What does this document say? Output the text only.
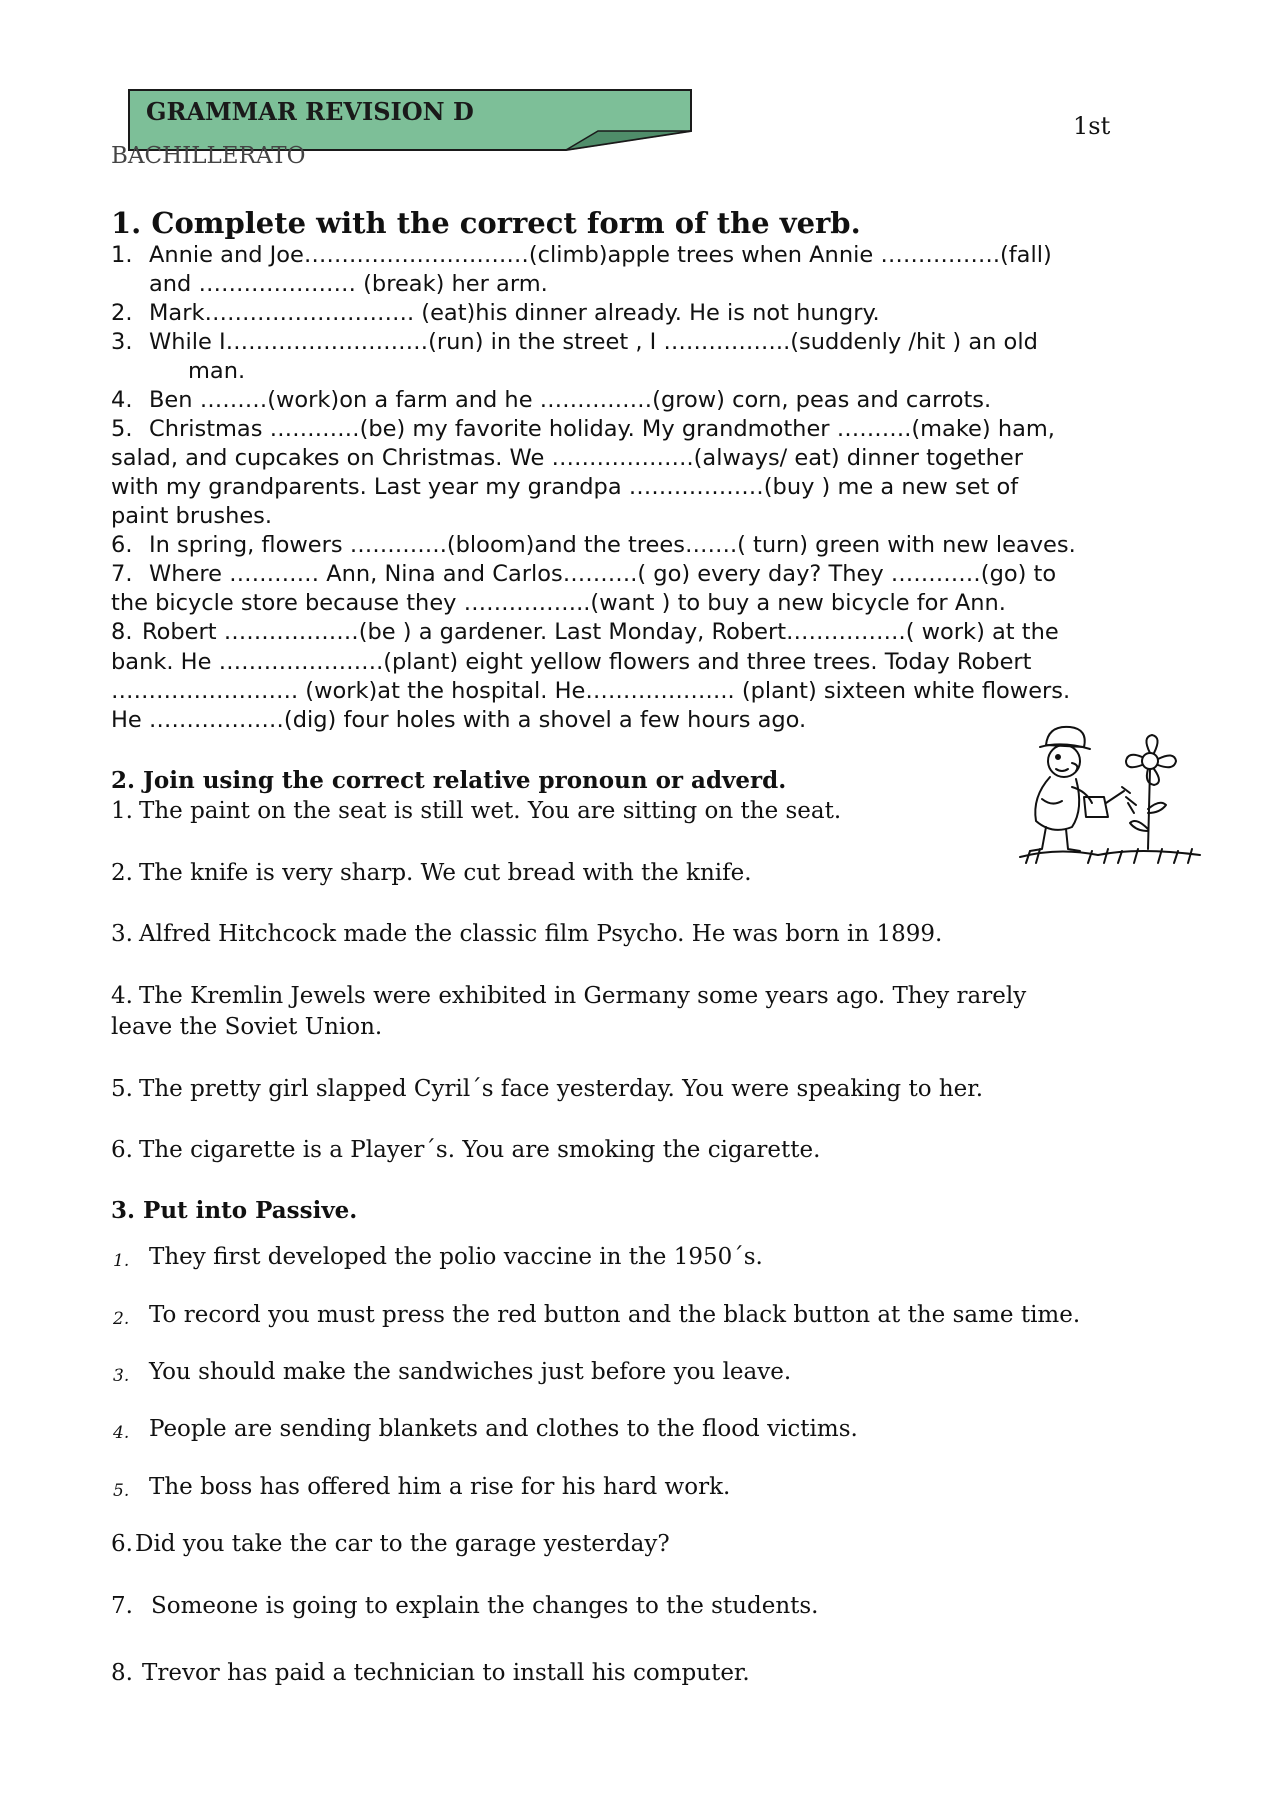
GRAMMAR REVISION D	1st
BACHILLERATO
1. Complete with the correct form of the verb.
1. Annie and Joe…………………………(climb)apple trees when Annie …………….(fall)
and ………………… (break) her arm.
2. Mark………………………. (eat)his dinner already. He is not hungry.
3. While I………………………(run) in the street , I ……………..(suddenly /hit ) an old
man.
4. Ben ………(work)on a farm and he ……………(grow) corn, peas and carrots.
5. Christmas …………(be) my favorite holiday. My grandmother ……….(make) ham,
salad, and cupcakes on Christmas. We ……………….(always/ eat) dinner together
with my grandparents. Last year my grandpa ………………(buy ) me a new set of
paint brushes.
6. In spring, flowers ………….(bloom)and the trees…….( turn) green with new leaves.
7. Where ………… Ann, Nina and Carlos……….( go) every day? They …………(go) to
the bicycle store because they ……………..(want ) to buy a new bicycle for Ann.
8. Robert ………………(be ) a gardener. Last Monday, Robert…………….( work) at the
bank. He ………………….(plant) eight yellow flowers and three trees. Today Robert
……………………. (work)at the hospital. He……………….. (plant) sixteen white flowers.
He ………………(dig) four holes with a shovel a few hours ago.
2. Join using the correct relative pronoun or adverd.
1. The paint on the seat is still wet. You are sitting on the seat.
2. The knife is very sharp. We cut bread with the knife.
3. Alfred Hitchcock made the classic film Psycho. He was born in 1899.
4. The Kremlin Jewels were exhibited in Germany some years ago. They rarely
leave the Soviet Union.
5. The pretty girl slapped Cyril´s face yesterday. You were speaking to her.
6. The cigarette is a Player´s. You are smoking the cigarette.
3. Put into Passive.
1. They first developed the polio vaccine in the 1950´s.
2. To record you must press the red button and the black button at the same time.
3. You should make the sandwiches just before you leave.
4. People are sending blankets and clothes to the flood victims.
5. The boss has offered him a rise for his hard work.
6. Did you take the car to the garage yesterday?
7. Someone is going to explain the changes to the students.
8. Trevor has paid a technician to install his computer.
